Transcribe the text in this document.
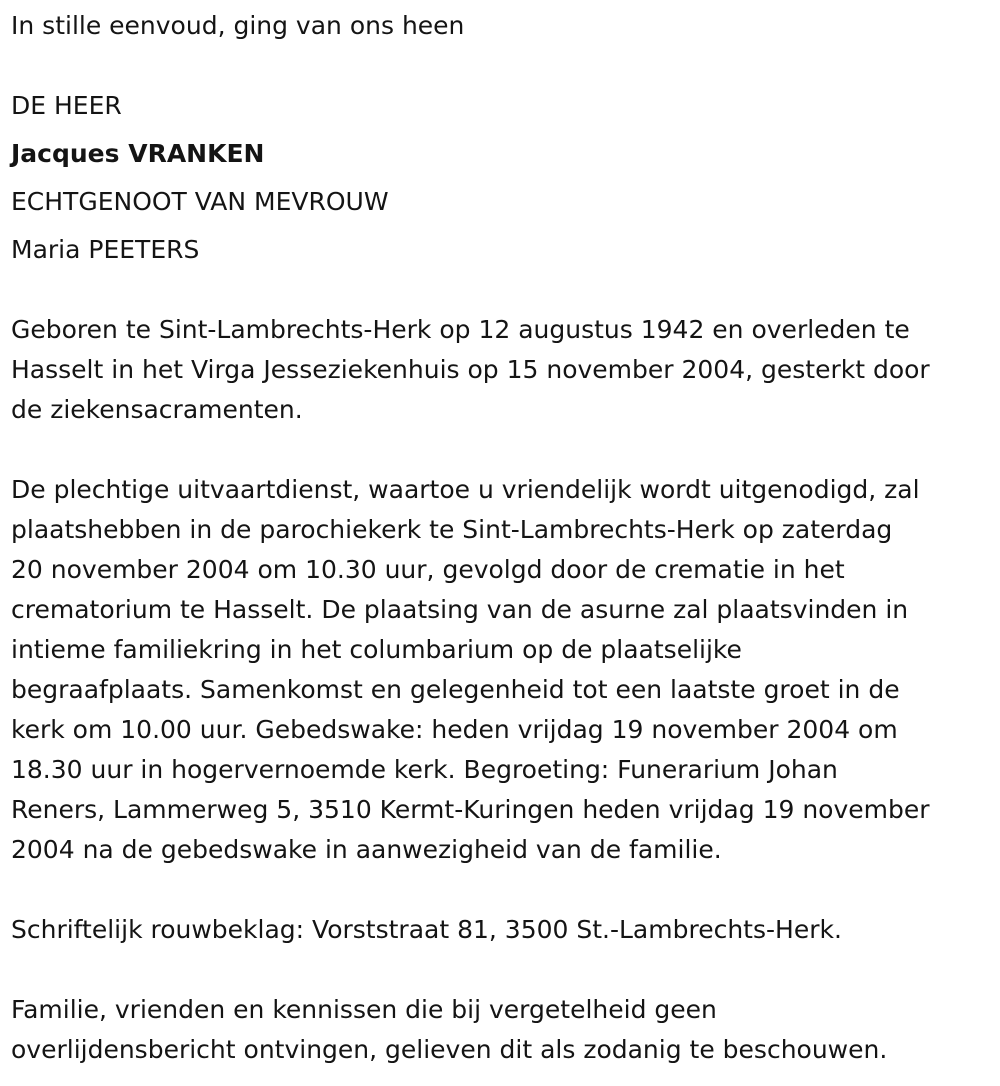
In stille eenvoud, ging van ons heen

DE HEER

Jacques VRANKEN

ECHTGENOOT VAN MEVROUW

Maria PEETERS

Geboren te Sint-Lambrechts-Herk op 12 augustus 1942 en overleden te
Hasselt in het Virga Jesseziekenhuis op 15 november 2004, gesterkt door
de ziekensacramenten.

De plechtige uitvaartdienst, waartoe u vriendelijk wordt uitgenodigd, zal
plaatshebben in de parochiekerk te Sint-Lambrechts-Herk op zaterdag
20 november 2004 om 10.30 uur, gevolgd door de crematie in het
crematorium te Hasselt. De plaatsing van de asurne zal plaatsvinden in
intieme familiekring in het columbarium op de plaatselijke
begraafplaats. Samenkomst en gelegenheid tot een laatste groet in de
kerk om 10.00 uur. Gebedswake: heden vrijdag 19 november 2004 om
18.30 uur in hogervernoemde kerk. Begroeting: Funerarium Johan
Reners, Lammerweg 5, 3510 Kermt-Kuringen heden vrijdag 19 november
2004 na de gebedswake in aanwezigheid van de familie.

Schriftelijk rouwbeklag: Vorststraat 81, 3500 St.-Lambrechts-Herk.

Familie, vrienden en kennissen die bij vergetelheid geen
overlijdensbericht ontvingen, gelieven dit als zodanig te beschouwen.
